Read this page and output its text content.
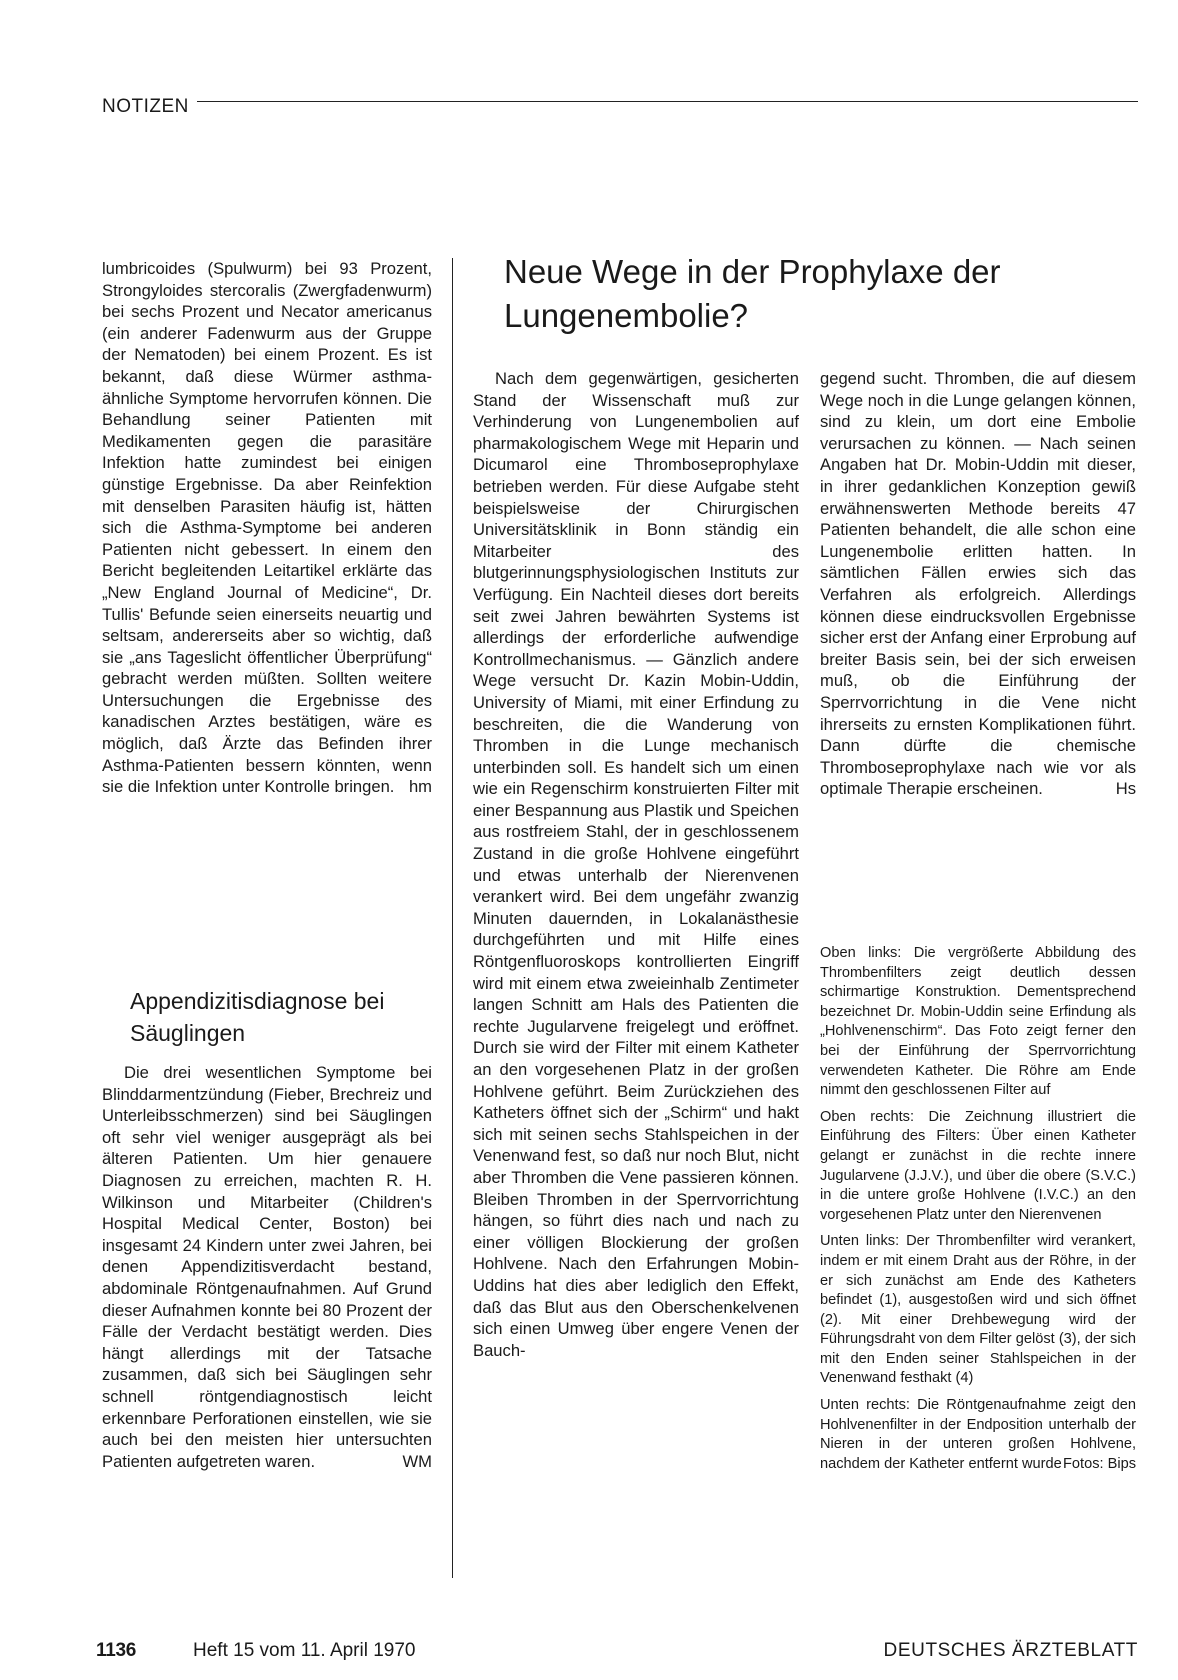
NOTIZEN

lumbricoides (Spulwurm) bei 93 Prozent, Strongyloides stercoralis (Zwergfadenwurm) bei sechs Prozent und Necator americanus (ein anderer Fadenwurm aus der Gruppe der Nematoden) bei einem Prozent. Es ist bekannt, daß diese Würmer asthma-ähnliche Symptome hervorrufen können. Die Behandlung seiner Patienten mit Medikamenten gegen die parasitäre Infektion hatte zumindest bei einigen günstige Ergebnisse. Da aber Reinfektion mit denselben Parasiten häufig ist, hätten sich die Asthma-Symptome bei anderen Patienten nicht gebessert. In einem den Bericht begleitenden Leitartikel erklärte das „New England Journal of Medicine“, Dr. Tullis' Befunde seien einerseits neuartig und seltsam, andererseits aber so wichtig, daß sie „ans Tageslicht öffentlicher Überprüfung“ gebracht werden müßten. Sollten weitere Untersuchungen die Ergebnisse des kanadischen Arztes bestätigen, wäre es möglich, daß Ärzte das Befinden ihrer Asthma-Patienten bessern könnten, wenn sie die Infektion unter Kontrolle bringen. hm

Appendizitisdiagnose bei Säuglingen

Die drei wesentlichen Symptome bei Blinddarmentzündung (Fieber, Brechreiz und Unterleibsschmerzen) sind bei Säuglingen oft sehr viel weniger ausgeprägt als bei älteren Patienten. Um hier genauere Diagnosen zu erreichen, machten R. H. Wilkinson und Mitarbeiter (Children's Hospital Medical Center, Boston) bei insgesamt 24 Kindern unter zwei Jahren, bei denen Appendizitisverdacht bestand, abdominale Röntgenaufnahmen. Auf Grund dieser Aufnahmen konnte bei 80 Prozent der Fälle der Verdacht bestätigt werden. Dies hängt allerdings mit der Tatsache zusammen, daß sich bei Säuglingen sehr schnell röntgendiagnostisch leicht erkennbare Perforationen einstellen, wie sie auch bei den meisten hier untersuchten Patienten aufgetreten waren.	WM

Neue Wege in der Prophylaxe der Lungenembolie?

Nach dem gegenwärtigen, gesicherten Stand der Wissenschaft muß zur Verhinderung von Lungenembolien auf pharmakologischem Wege mit Heparin und Dicumarol eine Thromboseprophylaxe betrieben werden. Für diese Aufgabe steht beispielsweise der Chirurgischen Universitätsklinik in Bonn ständig ein Mitarbeiter des blutgerinnungsphysiologischen Instituts zur Verfügung. Ein Nachteil dieses dort bereits seit zwei Jahren bewährten Systems ist allerdings der erforderliche aufwendige Kontrollmechanismus. — Gänzlich andere Wege versucht Dr. Kazin Mobin-Uddin, University of Miami, mit einer Erfindung zu beschreiten, die die Wanderung von Thromben in die Lunge mechanisch unterbinden soll. Es handelt sich um einen wie ein Regenschirm konstruierten Filter mit einer Bespannung aus Plastik und Speichen aus rostfreiem Stahl, der in geschlossenem Zustand in die große Hohlvene eingeführt und etwas unterhalb der Nierenvenen verankert wird. Bei dem ungefähr zwanzig Minuten dauernden, in Lokalanästhesie durchgeführten und mit Hilfe eines Röntgenfluoroskops kontrollierten Eingriff wird mit einem etwa zweieinhalb Zentimeter langen Schnitt am Hals des Patienten die rechte Jugularvene freigelegt und eröffnet. Durch sie wird der Filter mit einem Katheter an den vorgesehenen Platz in der großen Hohlvene geführt. Beim Zurückziehen des Katheters öffnet sich der „Schirm“ und hakt sich mit seinen sechs Stahlspeichen in der Venenwand fest, so daß nur noch Blut, nicht aber Thromben die Vene passieren können. Bleiben Thromben in der Sperrvorrichtung hängen, so führt dies nach und nach zu einer völligen Blockierung der großen Hohlvene. Nach den Erfahrungen Mobin-Uddins hat dies aber lediglich den Effekt, daß das Blut aus den Oberschenkelvenen sich einen Umweg über engere Venen der Bauch-

gegend sucht. Thromben, die auf diesem Wege noch in die Lunge gelangen können, sind zu klein, um dort eine Embolie verursachen zu können. — Nach seinen Angaben hat Dr. Mobin-Uddin mit dieser, in ihrer gedanklichen Konzeption gewiß erwähnenswerten Methode bereits 47 Patienten behandelt, die alle schon eine Lungenembolie erlitten hatten. In sämtlichen Fällen erwies sich das Verfahren als erfolgreich. Allerdings können diese eindrucksvollen Ergebnisse sicher erst der Anfang einer Erprobung auf breiter Basis sein, bei der sich erweisen muß, ob die Einführung der Sperrvorrichtung in die Vene nicht ihrerseits zu ernsten Komplikationen führt. Dann dürfte die chemische Thromboseprophylaxe nach wie vor als optimale Therapie erscheinen.	Hs

Oben links: Die vergrößerte Abbildung des Thrombenfilters zeigt deutlich dessen schirmartige Konstruktion. Dementsprechend bezeichnet Dr. Mobin-Uddin seine Erfindung als „Hohlvenenschirm“. Das Foto zeigt ferner den bei der Einführung der Sperrvorrichtung verwendeten Katheter. Die Röhre am Ende nimmt den geschlossenen Filter auf

Oben rechts: Die Zeichnung illustriert die Einführung des Filters: Über einen Katheter gelangt er zunächst in die rechte innere Jugularvene (J.J.V.), und über die obere (S.V.C.) in die untere große Hohlvene (I.V.C.) an den vorgesehenen Platz unter den Nierenvenen

Unten links: Der Thrombenfilter wird verankert, indem er mit einem Draht aus der Röhre, in der er sich zunächst am Ende des Katheters befindet (1), ausgestoßen wird und sich öffnet (2). Mit einer Drehbewegung wird der Führungsdraht von dem Filter gelöst (3), der sich mit den Enden seiner Stahlspeichen in der Venenwand festhakt (4)

Unten rechts: Die Röntgenaufnahme zeigt den Hohlvenenfilter in der Endposition unterhalb der Nieren in der unteren großen Hohlvene, nachdem der Katheter entfernt wurde Fotos: Bips

1136	Heft 15 vom 11. April 1970	DEUTSCHES ÄRZTEBLATT
